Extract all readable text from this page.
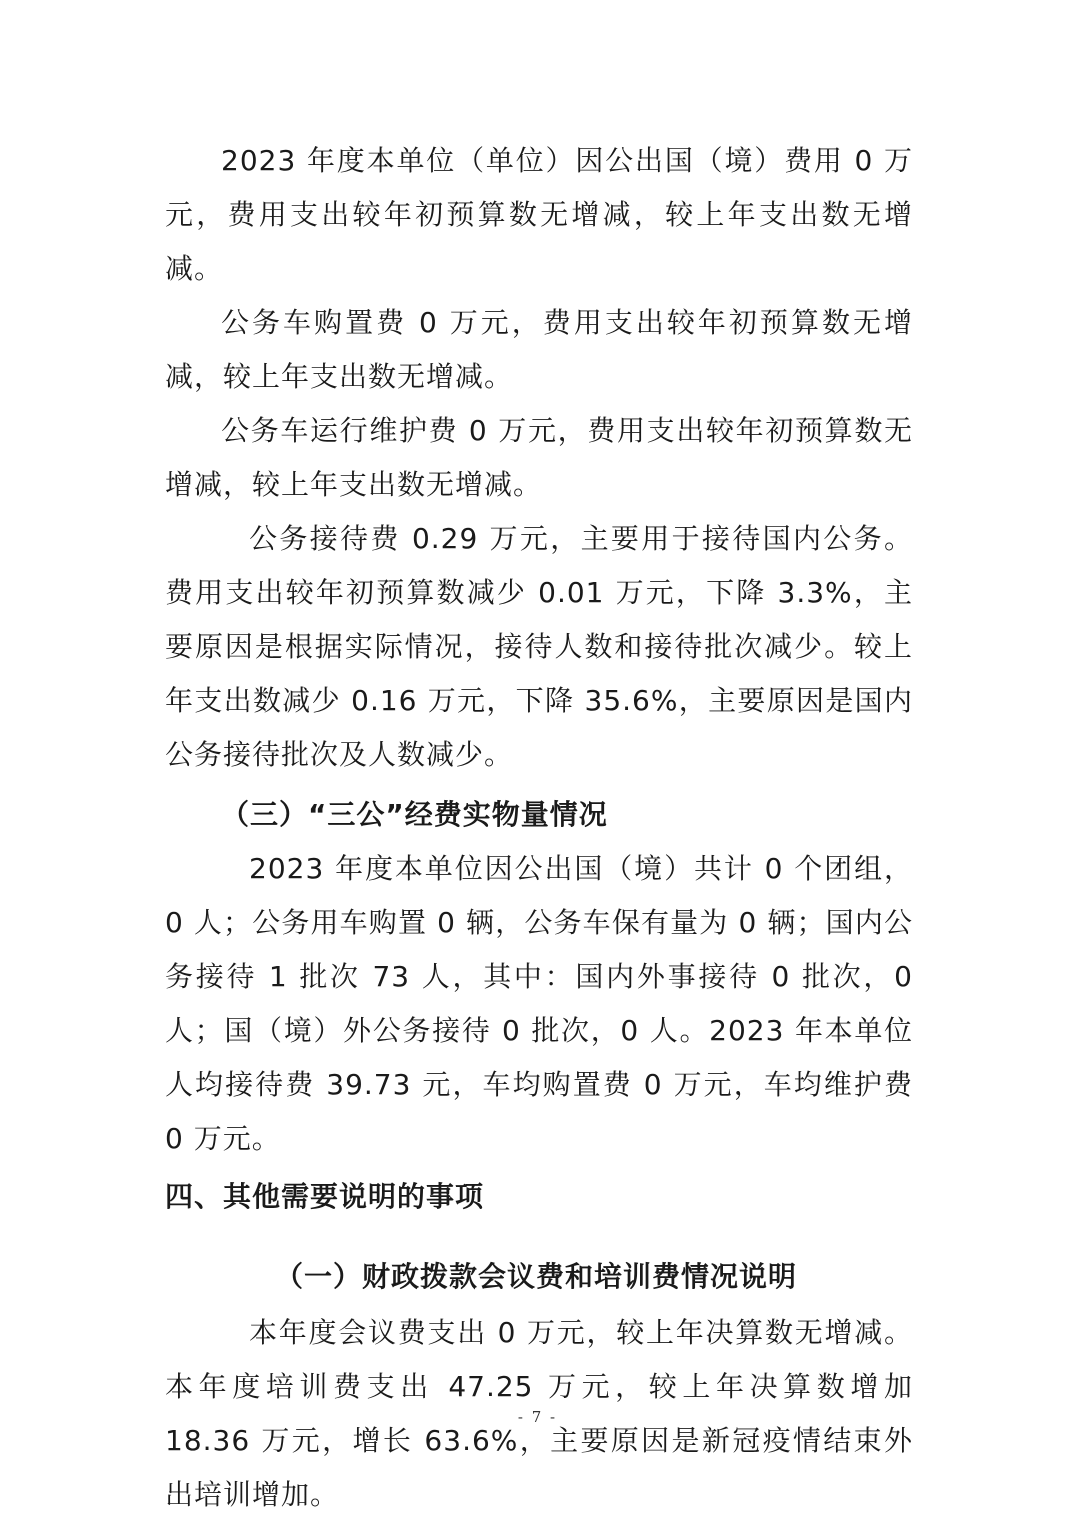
2023 年度本单位（单位）因公出国（境）费用 0 万元，费用支出较年初预算数无增减，较上年支出数无增减。

公务车购置费 0 万元，费用支出较年初预算数无增减，较上年支出数无增减。

公务车运行维护费 0 万元，费用支出较年初预算数无增减，较上年支出数无增减。

公务接待费 0.29 万元，主要用于接待国内公务。费用支出较年初预算数减少 0.01 万元，下降 3.3%，主要原因是根据实际情况，接待人数和接待批次减少。较上年支出数减少 0.16 万元，下降 35.6%，主要原因是国内公务接待批次及人数减少。

（三）“三公”经费实物量情况

2023 年度本单位因公出国（境）共计 0 个团组，0 人；公务用车购置 0 辆，公务车保有量为 0 辆；国内公务接待 1 批次 73 人，其中：国内外事接待 0 批次，0 人；国（境）外公务接待 0 批次，0 人。2023 年本单位人均接待费 39.73 元，车均购置费 0 万元，车均维护费 0 万元。

四、其他需要说明的事项

（一）财政拨款会议费和培训费情况说明

本年度会议费支出 0 万元，较上年决算数无增减。本年度培训费支出 47.25 万元，较上年决算数增加 18.36 万元，增长 63.6%，主要原因是新冠疫情结束外出培训增加。

- 7 -
